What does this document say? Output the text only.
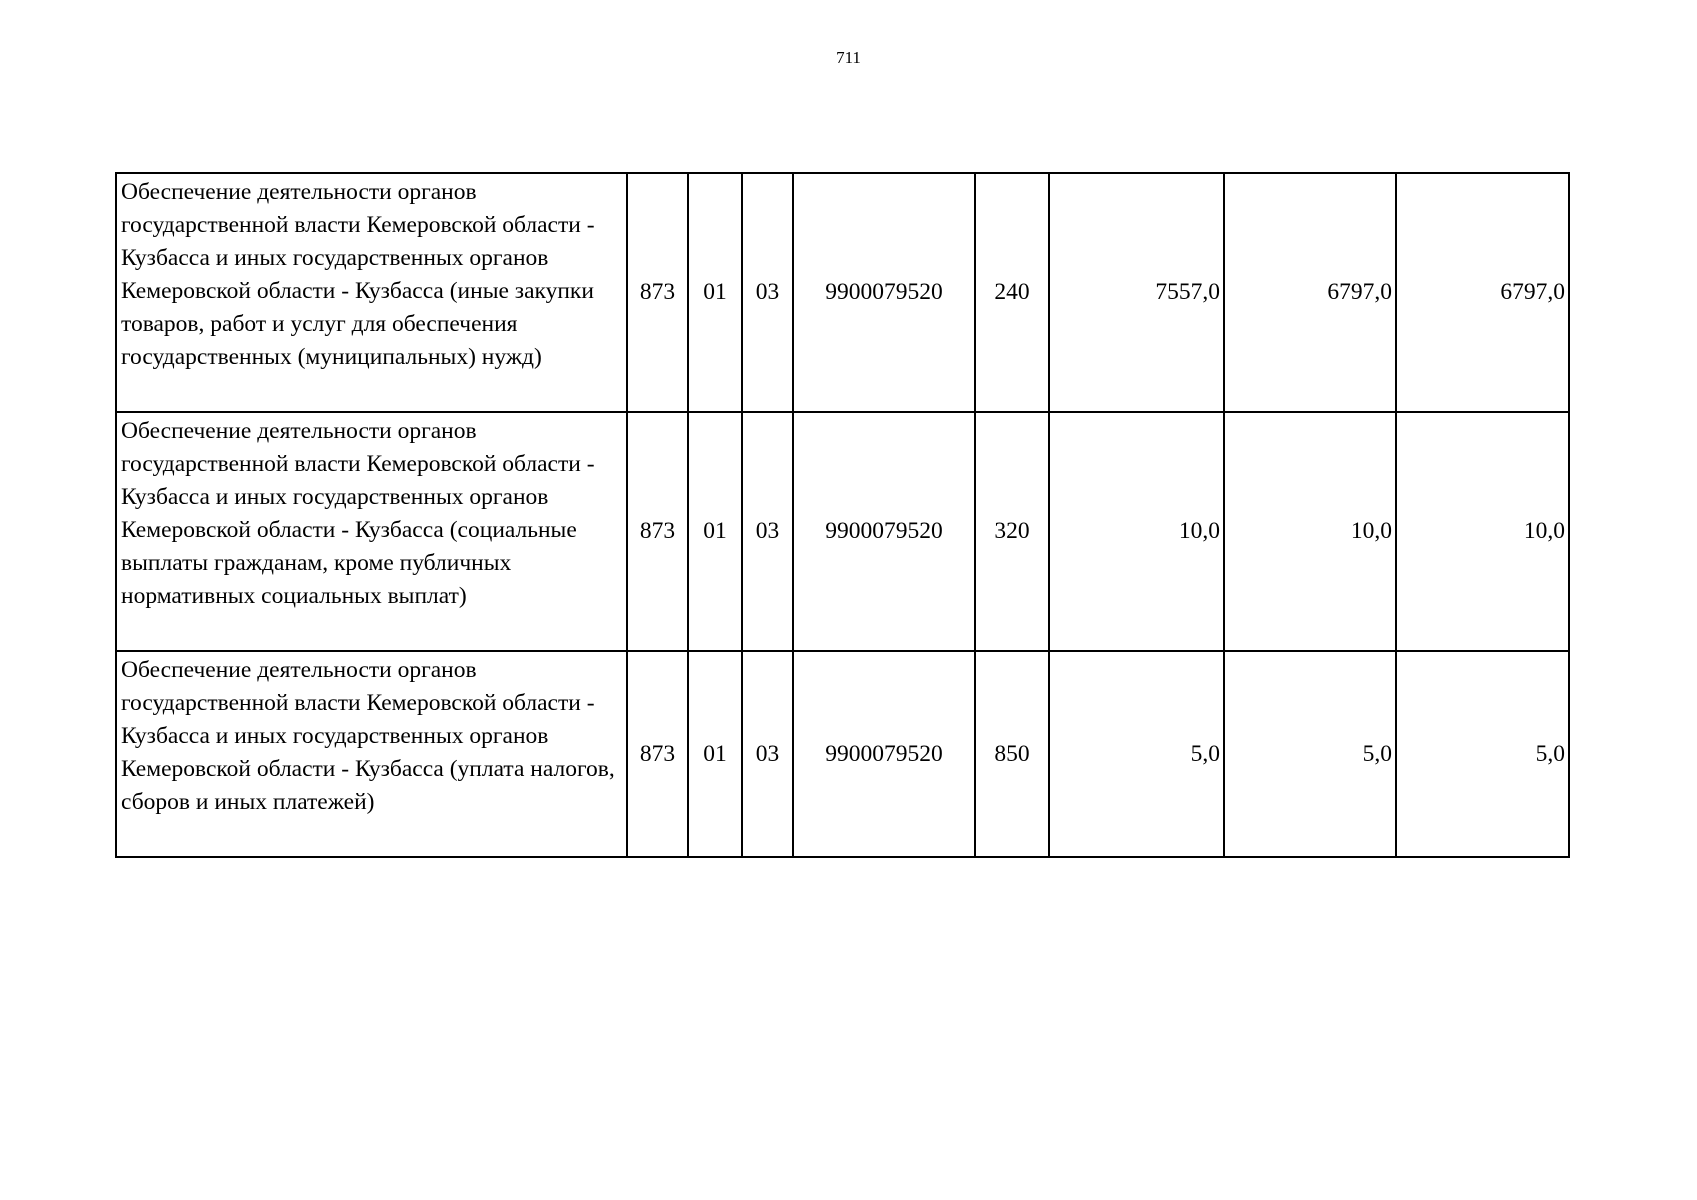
711
Обеспечение деятельности органов государственной власти Кемеровской области - Кузбасса и иных государственных органов Кемеровской области - Кузбасса (иные закупки товаров, работ и услуг для обеспечения государственных (муниципальных) нужд)	873	01	03	9900079520	240	7557,0	6797,0	6797,0
Обеспечение деятельности органов государственной власти Кемеровской области - Кузбасса и иных государственных органов Кемеровской области - Кузбасса (социальные выплаты гражданам, кроме публичных нормативных социальных выплат)	873	01	03	9900079520	320	10,0	10,0	10,0
Обеспечение деятельности органов государственной власти Кемеровской области - Кузбасса и иных государственных органов Кемеровской области - Кузбасса (уплата налогов, сборов и иных платежей)	873	01	03	9900079520	850	5,0	5,0	5,0
